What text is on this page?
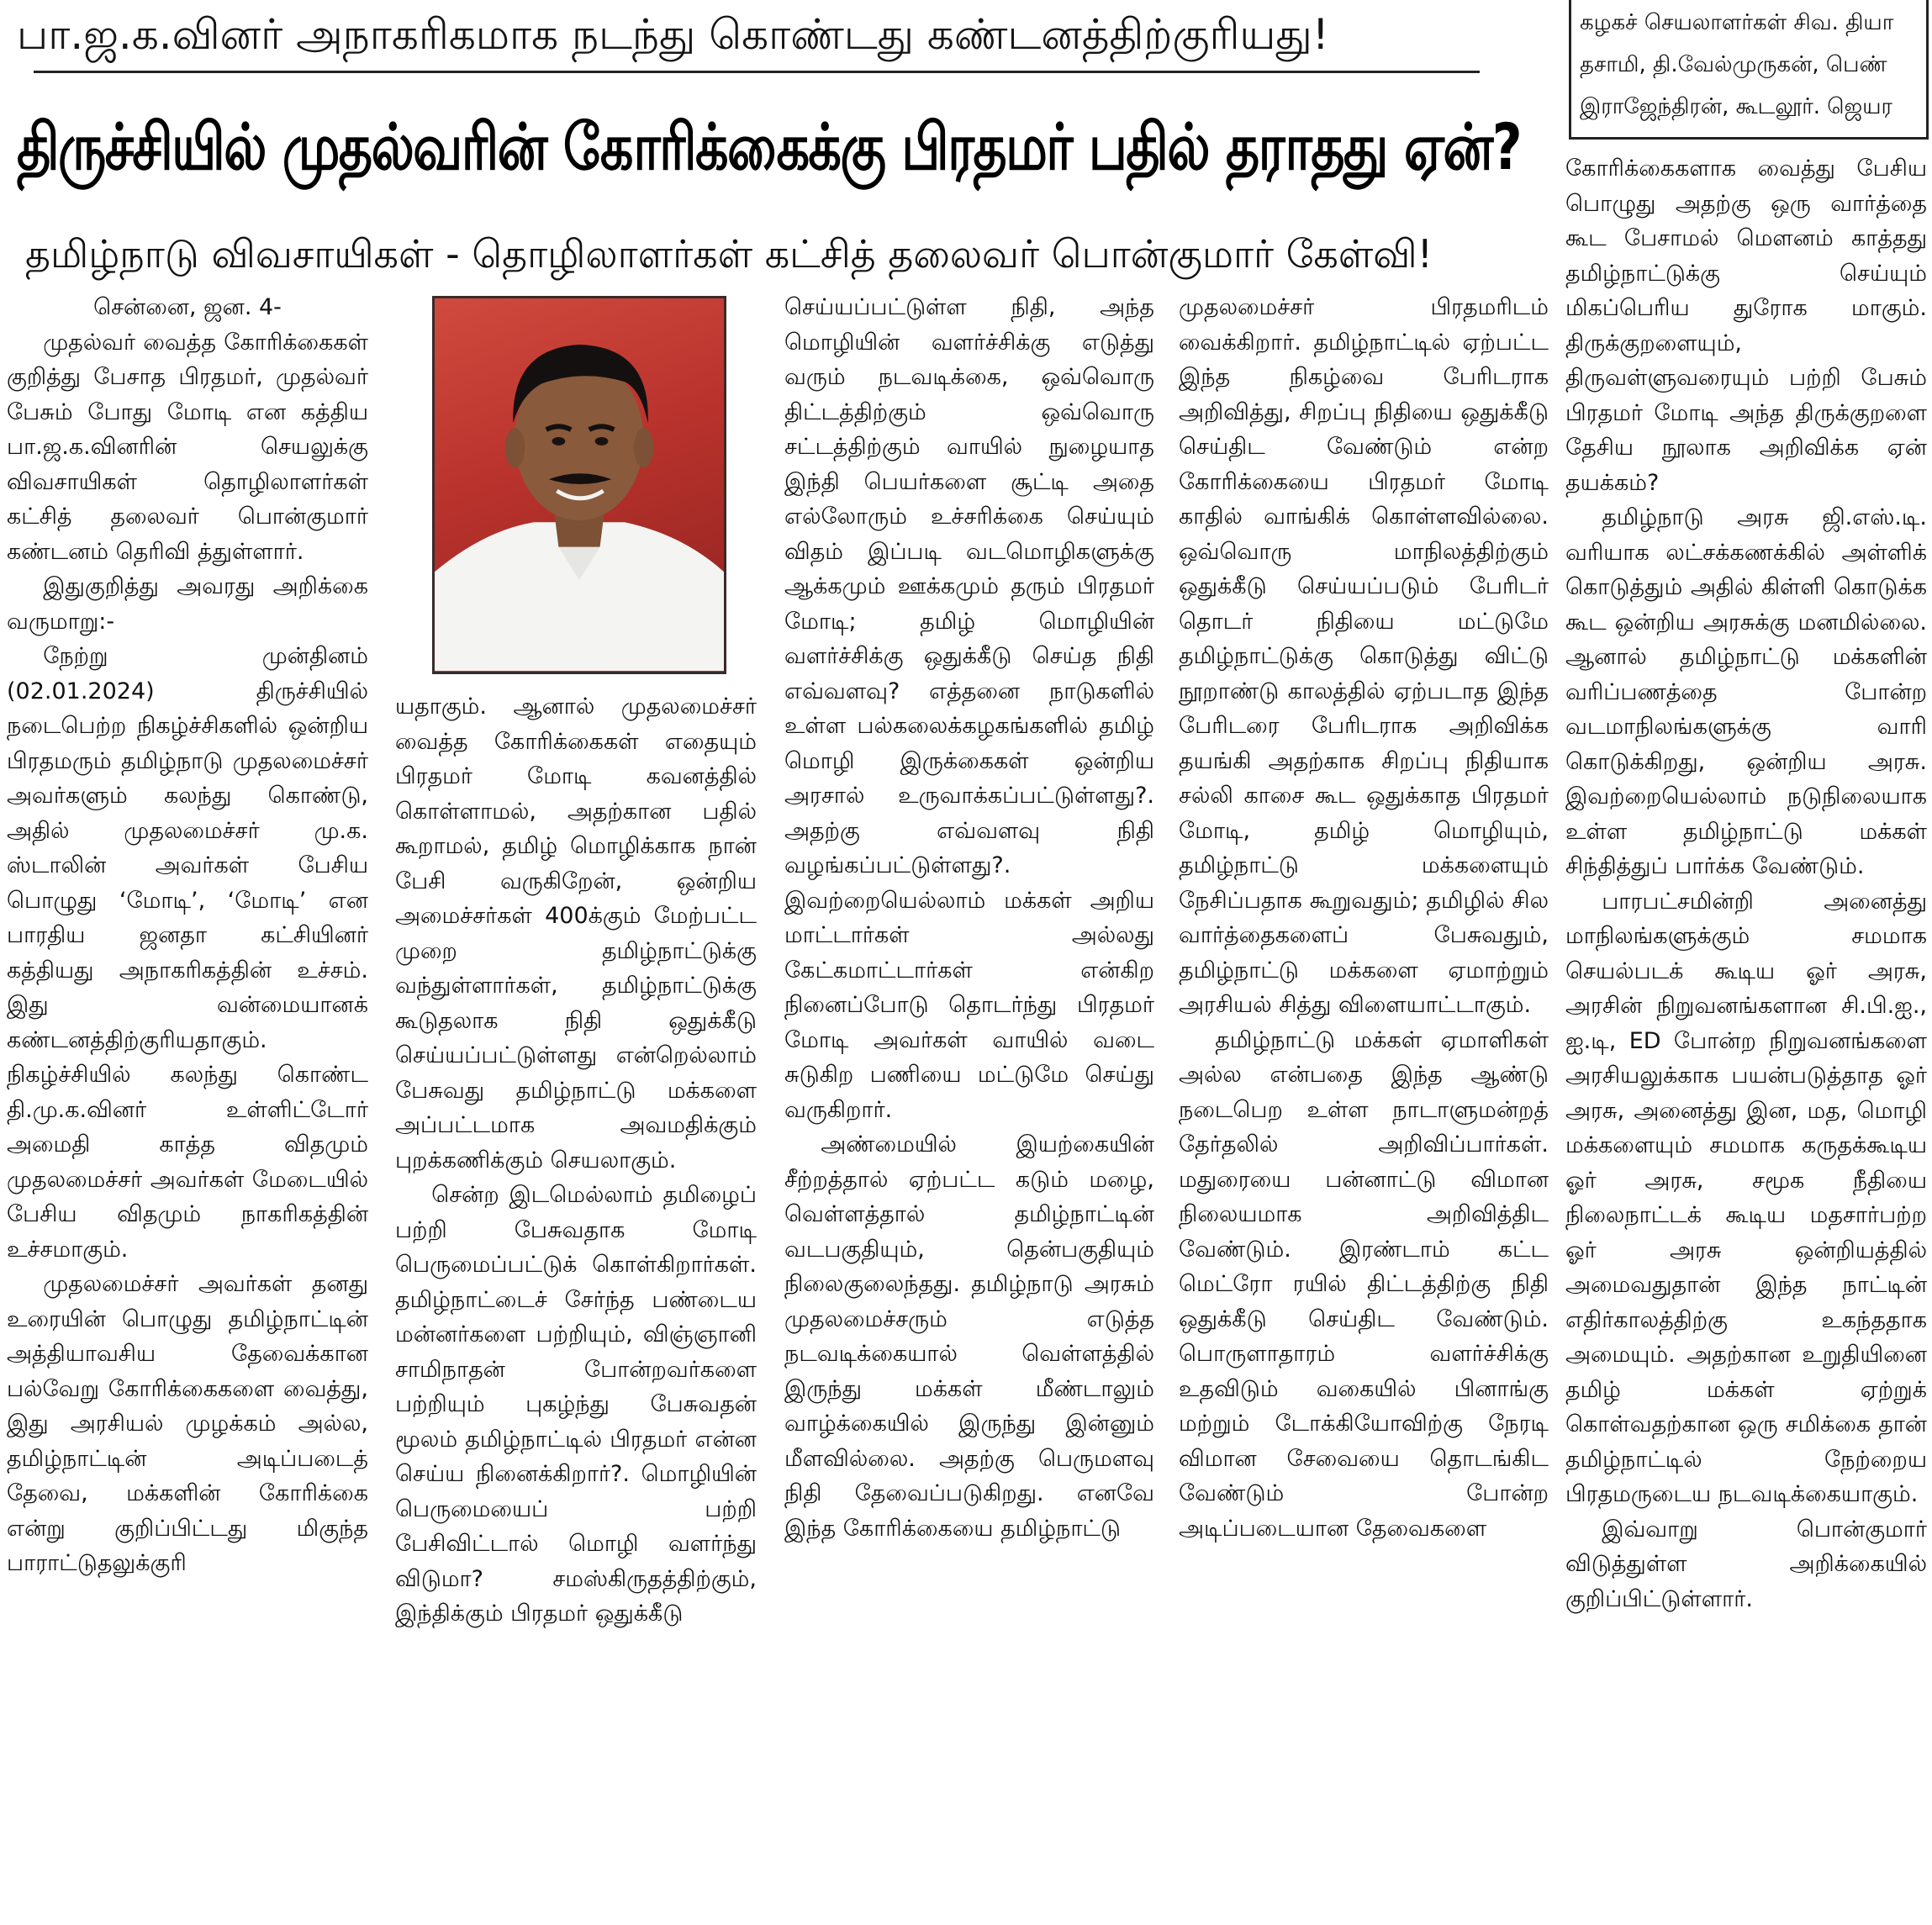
பா.ஜ.க.வினர் அநாகரிகமாக நடந்து கொண்டது கண்டனத்திற்குரியது!
திருச்சியில் முதல்வரின் கோரிக்கைக்கு பிரதமர் பதில் தராதது ஏன்?
தமிழ்நாடு விவசாயிகள் - தொழிலாளர்கள் கட்சித் தலைவர் பொன்குமார் கேள்வி!
கழகச் செயலாளர்கள் சிவ. தியா
தசாமி, தி.வேல்முருகன், பெண்
இராஜேந்திரன், கூடலூர். ஜெயர

சென்னை, ஜன. 4-

முதல்வர் வைத்த கோரிக்கைகள் குறித்து பேசாத பிரதமர், முதல்வர் பேசும் போது மோடி என கத்திய பா.ஜ.க.வினரின் செயலுக்கு விவசாயிகள் தொழிலாளர்கள் கட்சித் தலைவர் பொன்குமார் கண்டனம் தெரிவி த்துள்ளார்.

இதுகுறித்து அவரது அறிக்கை வருமாறு:-

நேற்று முன்தினம் (02.01.2024) திருச்சியில் நடைபெற்ற நிகழ்ச்சிகளில் ஒன்றிய பிரதமரும் தமிழ்நாடு முதலமைச்சர் அவர்களும் கலந்து கொண்டு, அதில் முதலமைச்சர் மு.க. ஸ்டாலின் அவர்கள் பேசிய பொழுது ‘மோடி’, ‘மோடி’ என பாரதிய ஜனதா கட்சியினர் கத்தியது அநாகரிகத்தின் உச்சம். இது வன்மையானக் கண்டனத்திற்குரியதாகும். நிகழ்ச்சியில் கலந்து கொண்ட தி.மு.க.வினர் உள்ளிட்டோர் அமைதி காத்த விதமும் முதலமைச்சர் அவர்கள் மேடையில் பேசிய விதமும் நாகரிகத்தின் உச்சமாகும்.

முதலமைச்சர் அவர்கள் தனது உரையின் பொழுது தமிழ்நாட்டின் அத்தியாவசிய தேவைக்கான பல்வேறு கோரிக்கைகளை வைத்து, இது அரசியல் முழக்கம் அல்ல, தமிழ்நாட்டின் அடிப்படைத் தேவை, மக்களின் கோரிக்கை என்று குறிப்பிட்டது மிகுந்த பாராட்டுதலுக்குரி

யதாகும். ஆனால் முதலமைச்சர் வைத்த கோரிக்கைகள் எதையும் பிரதமர் மோடி கவனத்தில் கொள்ளாமல், அதற்கான பதில் கூறாமல், தமிழ் மொழிக்காக நான் பேசி வருகிறேன், ஒன்றிய அமைச்சர்கள் 400க்கும் மேற்பட்ட முறை தமிழ்நாட்டுக்கு வந்துள்ளார்கள், தமிழ்நாட்டுக்கு கூடுதலாக நிதி ஒதுக்கீடு செய்யப்பட்டுள்ளது என்றெல்லாம் பேசுவது தமிழ்நாட்டு மக்களை அப்பட்டமாக அவமதிக்கும் புறக்கணிக்கும் செயலாகும்.

சென்ற இடமெல்லாம் தமிழைப் பற்றி பேசுவதாக மோடி பெருமைப்பட்டுக் கொள்கிறார்கள். தமிழ்நாட்டைச் சேர்ந்த பண்டைய மன்னர்களை பற்றியும், விஞ்ஞானி சாமிநாதன் போன்றவர்களை பற்றியும் புகழ்ந்து பேசுவதன் மூலம் தமிழ்நாட்டில் பிரதமர் என்ன செய்ய நினைக்கிறார்?. மொழியின் பெருமையைப் பற்றி பேசிவிட்டால் மொழி வளர்ந்து விடுமா? சமஸ்கிருதத்திற்கும், இந்திக்கும் பிரதமர் ஒதுக்கீடு

செய்யப்பட்டுள்ள நிதி, அந்த மொழியின் வளர்ச்சிக்கு எடுத்து வரும் நடவடிக்கை, ஒவ்வொரு திட்டத்திற்கும் ஒவ்வொரு சட்டத்திற்கும் வாயில் நுழையாத இந்தி பெயர்களை சூட்டி அதை எல்லோரும் உச்சரிக்கை செய்யும் விதம் இப்படி வடமொழிகளுக்கு ஆக்கமும் ஊக்கமும் தரும் பிரதமர் மோடி; தமிழ் மொழியின் வளர்ச்சிக்கு ஒதுக்கீடு செய்த நிதி எவ்வளவு? எத்தனை நாடுகளில் உள்ள பல்கலைக்கழகங்களில் தமிழ் மொழி இருக்கைகள் ஒன்றிய அரசால் உருவாக்கப்பட்டுள்ளது?. அதற்கு எவ்வளவு நிதி வழங்கப்பட்டுள்ளது?. இவற்றையெல்லாம் மக்கள் அறிய மாட்டார்கள் அல்லது கேட்கமாட்டார்கள் என்கிற நினைப்போடு தொடர்ந்து பிரதமர் மோடி அவர்கள் வாயில் வடை சுடுகிற பணியை மட்டுமே செய்து வருகிறார்.

அண்மையில் இயற்கையின் சீற்றத்தால் ஏற்பட்ட கடும் மழை, வெள்ளத்தால் தமிழ்நாட்டின் வடபகுதியும், தென்பகுதியும் நிலைகுலைந்தது. தமிழ்நாடு அரசும் முதலமைச்சரும் எடுத்த நடவடிக்கையால் வெள்ளத்தில் இருந்து மக்கள் மீண்டாலும் வாழ்க்கையில் இருந்து இன்னும் மீளவில்லை. அதற்கு பெருமளவு நிதி தேவைப்படுகிறது. எனவே இந்த கோரிக்கையை தமிழ்நாட்டு

முதலமைச்சர் பிரதமரிடம் வைக்கிறார். தமிழ்நாட்டில் ஏற்பட்ட இந்த நிகழ்வை பேரிடராக அறிவித்து, சிறப்பு நிதியை ஒதுக்கீடு செய்திட வேண்டும் என்ற கோரிக்கையை பிரதமர் மோடி காதில் வாங்கிக் கொள்ளவில்லை. ஒவ்வொரு மாநிலத்திற்கும் ஒதுக்கீடு செய்யப்படும் பேரிடர் தொடர் நிதியை மட்டுமே தமிழ்நாட்டுக்கு கொடுத்து விட்டு நூறாண்டு காலத்தில் ஏற்படாத இந்த பேரிடரை பேரிடராக அறிவிக்க தயங்கி அதற்காக சிறப்பு நிதியாக சல்லி காசை கூட ஒதுக்காத பிரதமர் மோடி, தமிழ் மொழியும், தமிழ்நாட்டு மக்களையும் நேசிப்பதாக கூறுவதும்; தமிழில் சில வார்த்தைகளைப் பேசுவதும், தமிழ்நாட்டு மக்களை ஏமாற்றும் அரசியல் சித்து விளையாட்டாகும்.

தமிழ்நாட்டு மக்கள் ஏமாளிகள் அல்ல என்பதை இந்த ஆண்டு நடைபெற உள்ள நாடாளுமன்றத் தேர்தலில் அறிவிப்பார்கள். மதுரையை பன்னாட்டு விமான நிலையமாக அறிவித்திட வேண்டும். இரண்டாம் கட்ட மெட்ரோ ரயில் திட்டத்திற்கு நிதி ஒதுக்கீடு செய்திட வேண்டும். பொருளாதாரம் வளர்ச்சிக்கு உதவிடும் வகையில் பினாங்கு மற்றும் டோக்கியோவிற்கு நேரடி விமான சேவையை தொடங்கிட வேண்டும் போன்ற அடிப்படையான தேவைகளை

கோரிக்கைகளாக வைத்து பேசிய பொழுது அதற்கு ஒரு வார்த்தை கூட பேசாமல் மௌனம் காத்தது தமிழ்நாட்டுக்கு செய்யும் மிகப்பெரிய துரோக மாகும். திருக்குறளையும், திருவள்ளுவரையும் பற்றி பேசும் பிரதமர் மோடி அந்த திருக்குறளை தேசிய நூலாக அறிவிக்க ஏன் தயக்கம்?

தமிழ்நாடு அரசு ஜி.எஸ்.டி. வரியாக லட்சக்கணக்கில் அள்ளிக் கொடுத்தும் அதில் கிள்ளி கொடுக்க கூட ஒன்றிய அரசுக்கு மனமில்லை. ஆனால் தமிழ்நாட்டு மக்களின் வரிப்பணத்தை போன்ற வடமாநிலங்களுக்கு வாரி கொடுக்கிறது, ஒன்றிய அரசு. இவற்றையெல்லாம் நடுநிலையாக உள்ள தமிழ்நாட்டு மக்கள் சிந்தித்துப் பார்க்க வேண்டும்.

பாரபட்சமின்றி அனைத்து மாநிலங்களுக்கும் சமமாக செயல்படக் கூடிய ஓர் அரசு, அரசின் நிறுவனங்களான சி.பி.ஐ., ஐ.டி, ED போன்ற நிறுவனங்களை அரசியலுக்காக பயன்படுத்தாத ஓர் அரசு, அனைத்து இன, மத, மொழி மக்களையும் சமமாக கருதக்கூடிய ஓர் அரசு, சமூக நீதியை நிலைநாட்டக் கூடிய மதசார்பற்ற ஓர் அரசு ஒன்றியத்தில் அமைவதுதான் இந்த நாட்டின் எதிர்காலத்திற்கு உகந்ததாக அமையும். அதற்கான உறுதியினை தமிழ் மக்கள் ஏற்றுக் கொள்வதற்கான ஒரு சமிக்கை தான் தமிழ்நாட்டில் நேற்றைய பிரதமருடைய நடவடிக்கையாகும்.

இவ்வாறு பொன்குமார் விடுத்துள்ள அறிக்கையில் குறிப்பிட்டுள்ளார்.
